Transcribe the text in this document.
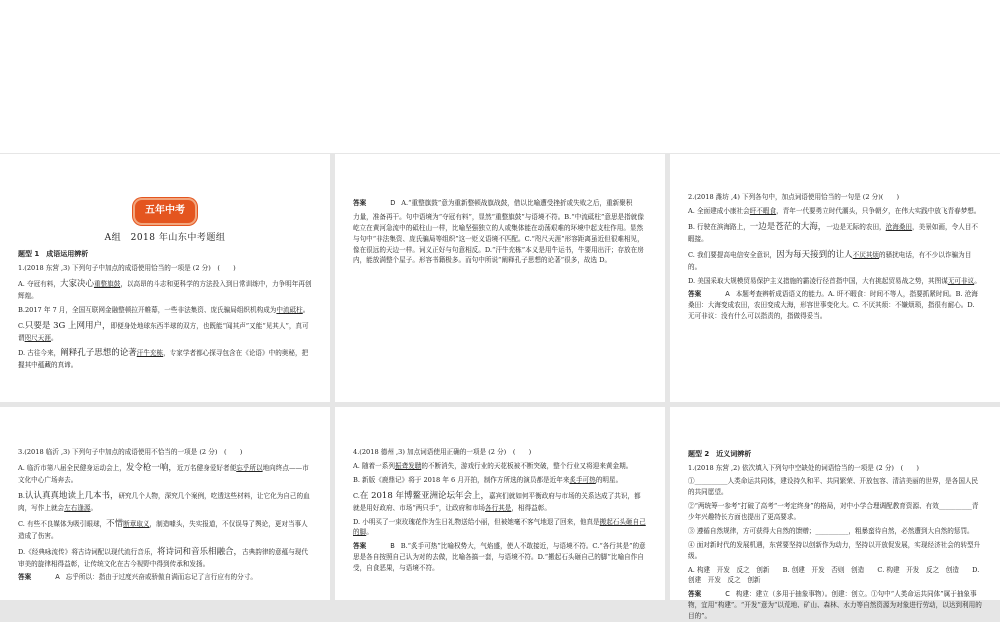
五年中考
A组　2018 年山东中考题组
题型 1　成语运用辨析

1.(2018 东营 ,3) 下列句子中加点的成语使用恰当的一项是 (2 分)　(　　)

A. 夺冠有料，大家决心重整旗鼓，以高昂的斗志和更科学的方法投入到日常训练中，力争明年再创辉煌。

B.2017 年 7 月，全国互联网金融整顿拉开帷幕，一些非法集资、庞氏骗局组织机构成为中流砥柱。

C.只要是 3G 上网用户，即便身处地球东西半球的双方，也既能“闻其声”又能“见其人”，真可谓咫尺天涯。

D. 古往今来，阐释孔子思想的论著汗牛充栋，专家学者都心探寻包含在《论语》中的奥秘，把握其中蕴藏的真谛。

答案	D A.“重整旗鼓”意为重新整顿战旗战鼓，借以比喻遭受挫折或失败之后，重新聚积

力量，准备再干。句中语境为“夺冠有料”，显然“重整旗鼓”与语境不符。B.“中流砥柱”意思是指就像屹立在黄河急流中的砥柱山一样，比喻坚强独立的人或集体能在动荡艰难的环境中起支柱作用。显然与句中“非法集资、庞氏骗局等组织”这一贬义语境不匹配。C.“咫尺天涯”形容距离虽近但很难相见，像在很远的天边一样。词义正好与句意相反。D.“汗牛充栋”本义是用牛运书，牛要用出汗；存放在房内，能放满整个屋子。形容书籍极多。而句中所说“阐释孔子思想的论著”很多，故选 D。

2.(2018 潍坊 ,4) 下列各句中，加点词语使用恰当的一句是 (2 分)(　　)

A. 全面建成小康社会旰不暇食，青年一代要勇立时代潮头，只争朝夕，在伟大实践中放飞青春梦想。

B. 行驶在滨海路上，一边是苍茫的大海，一边是无际的农田，沧海桑田，美景如画，令人目不暇接。

C. 我们要提高电信安全意识，因为每天接到的让人不厌其烦的骚扰电话，有不少以诈骗为目的。

D. 美国采取大规模贸易保护主义措施的霸凌行径首指中国，大有挑起贸易战之势，其图谋无可非议。

答案	A 本题考查辨析成语语义的能力。A. 旰不暇食：时间不等人，指要抓紧时间。B. 沧海桑田：大海变成农田，农田变成大海，形容世事变化大。C. 不厌其烦：不嫌烦琐，指很有耐心。D. 无可非议：没有什么可以指责的，指做得妥当。

3.(2018 临沂 ,3) 下列句子中加点的成语使用不恰当的一项是 (2 分)　(　　)

A. 临沂市第八届全民健身运动会上，发令枪一响，近万名健身爱好者便忘乎所以地向终点——市文化中心广场奔去。

B.认认真真地读上几本书，研究几个人物，深究几个案例，吃透这些材料，让它化为自己的血肉，写作上就会左右逢源。

C. 有些不良媒体为吸引眼球，不惜断章取义，制造噱头，失实报道，不仅误导了舆论，更对当事人造成了伤害。

D.《经典咏流传》将古诗词配以现代流行音乐，将诗词和音乐相融合，古典韵律的意蕴与现代审美的旋律相得益彰，让传统文化在古今视野中得到传承和发扬。

答案	A 忘乎所以：指由于过度兴奋或骄傲自满而忘记了言行应有的分寸。

4.(2018 德州 ,3) 加点词语使用正确的一项是 (2 分)　(　　)

A. 随着一系列振聋发聩的不断消失，游戏行业的天花板被不断突破，整个行业又将迎来黄金期。

B. 新版《鹿鼎记》将于 2018 年 6 月开拍，制作方所选的演员都是近年来炙手可热的明星。

C.在 2018 年博鳌亚洲论坛年会上，嘉宾们就如何平衡政府与市场的关系达成了共识，都就是用好政府、市场“两只手”，让政府和市场各行其是，相得益彰。

D. 小明买了一束玫瑰花作为生日礼物送给小丽，但被她毫不客气地退了回来，他真是搬起石头砸自己的脚。

答案	B B.“炙手可热”比喻权势大，气焰盛，使人不敢接近，与语境不符。C.“各行其是”的意思是各自按照自己认为对的去做，比喻各搞一套，与语境不符。D.“搬起石头砸自己的脚”比喻自作自受，自食恶果，与语境不符。

题型 2　近义词辨析

1.(2018 东营 ,2) 依次填入下列句中空缺处的词语恰当的一项是 (2 分)　(　　)

①__________人类命运共同体，建设持久和平、共同繁荣、开放包容、清洁美丽的世界，是各国人民的共同愿望。

②“两统筹一参考”打破了高考“一考定终身”的格局，对中小学合理调配教育资源、有效__________青少年兴趣特长方面也提出了更高要求。

③ 遵循自然规律，方可获得大自然的馈赠；__________，粗暴蛮待自然，必然遭到大自然的惩罚。

④ 面对新时代的发展机遇，东营要坚持以创新作为动力，坚持以开放促发展，实现经济社会的转型升级。

A. 构建　开发　反之　创新　　B. 创建　开发　否则　创造　　C. 构建　开发　反之　创造　　D. 创建　开发　反之　创新

答案	C 构建：建立（多用于抽象事物）。创建：创立。①句中“人类命运共同体”属于抽象事物，宜用“构建”。“开发”意为“以荒地、矿山、森林、水力等自然资源为对象进行劳动，以达到利用的目的”。
